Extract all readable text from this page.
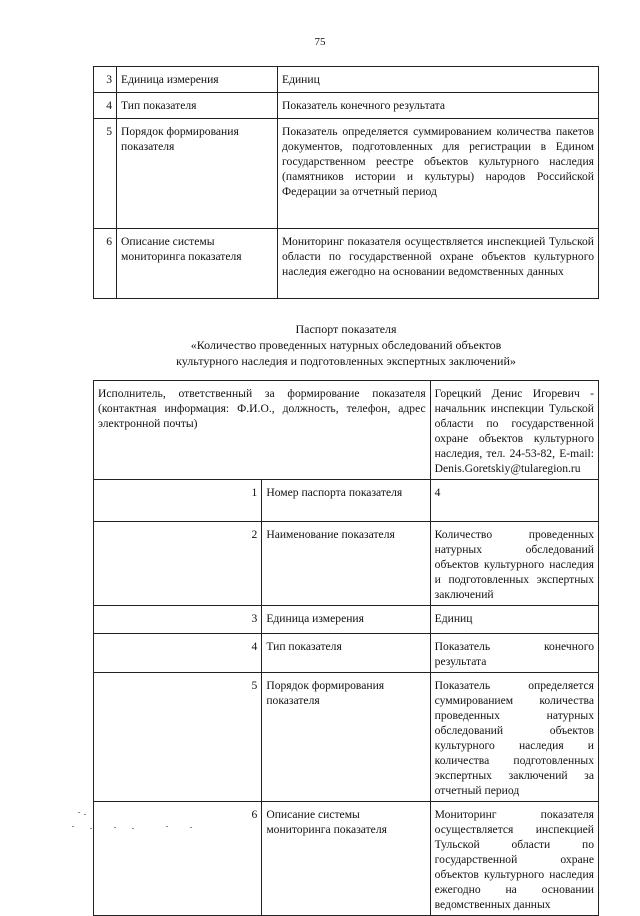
75
3	Единица измерения	Единиц
4	Тип показателя	Показатель конечного результата
5	Порядок формирования показателя	Показатель определяется суммированием количества пакетов документов, подготовленных для регистрации в Едином государственном реестре объектов культурного наследия (памятников истории и культуры) народов Российской Федерации за отчетный период
6	Описание системы мониторинга показателя	Мониторинг показателя осуществляется инспекцией Тульской области по государственной охране объектов культурного наследия ежегодно на основании ведомственных данных
Паспорт показателя
«Количество проведенных натурных обследований объектов
культурного наследия и подготовленных экспертных заключений»
Исполнитель, ответственный за формирование показателя (контактная информация: Ф.И.О., должность, телефон, адрес электронной почты)		Горецкий Денис Игоревич - начальник инспекции Тульской области по государственной охране объектов культурного наследия, тел. 24-53-82, E-mail: Denis.Goretskiy@tularegion.ru
1	Номер паспорта показателя	4
2	Наименование показателя	Количество проведенных натурных обследований объектов культурного наследия и подготовленных экспертных заключений
3	Единица измерения	Единиц
4	Тип показателя	Показатель конечного результата
5	Порядок формирования показателя	Показатель определяется суммированием количества проведенных натурных обследований объектов культурного наследия и количества подготовленных экспертных заключений за отчетный период
6	Описание системы мониторинга показателя	Мониторинг показателя осуществляется инспекцией Тульской области по государственной охране объектов культурного наследия ежегодно на основании ведомственных данных
